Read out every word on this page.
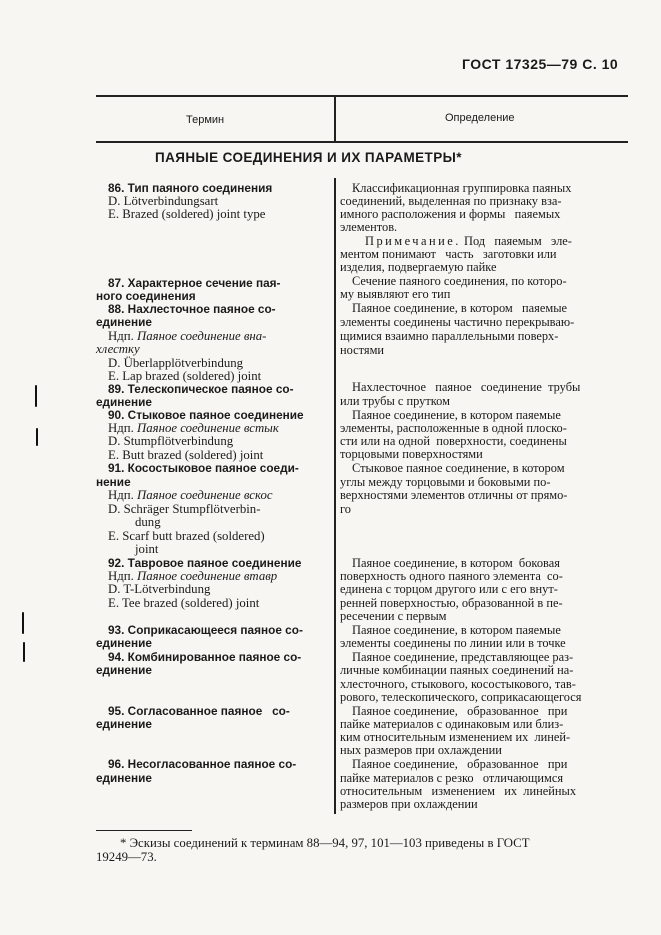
ГОСТ 17325—79 С. 10
Термин	Определение
ПАЯНЫЕ СОЕДИНЕНИЯ И ИХ ПАРАМЕТРЫ*
86. Тип паяного соединения
D. Lötverbindungsart
E. Brazed (soldered) joint type
87. Характерное сечение пая-
ного соединения
88. Нахлесточное паяное со-
единение
Ндп. Паяное соединение вна-
хлестку
D. Überlapplötverbindung
E. Lap brazed (soldered) joint
89. Телескопическое паяное со-
единение
90. Стыковое паяное соединение
Ндп. Паяное соединение встык
D. Stumpflötverbindung
E. Butt brazed (soldered) joint
91. Косостыковое паяное соеди-
нение
Ндп. Паяное соединение вскос
D. Schräger Stumpflötverbin-
dung
E. Scarf butt brazed (soldered)
joint
92. Тавровое паяное соединение
Ндп. Паяное соединение втавр
D. T-Lötverbindung
E. Tee brazed (soldered) joint
93. Соприкасающееся паяное со-
единение
94. Комбинированное паяное со-
единение
95. Согласованное паяное   со-
единение
96. Несогласованное паяное со-
единение
Классификационная группировка паяных
соединений, выделенная по признаку вза-
имного расположения и формы   паяемых
элементов.
Примечание. Под   паяемым   эле-
ментом понимают   часть   заготовки или
изделия, подвергаемую пайке
Сечение паяного соединения, по которо-
му выявляют его тип
Паяное соединение, в котором   паяемые
элементы соединены частично перекрываю-
щимися взаимно параллельными поверх-
ностями
Нахлесточное   паяное   соединение  трубы
или трубы с прутком
Паяное соединение, в котором паяемые
элементы, расположенные в одной плоско-
сти или на одной  поверхности, соединены
торцовыми поверхностями
Стыковое паяное соединение, в котором
углы между торцовыми и боковыми по-
верхностями элементов отличны от прямо-
го
Паяное соединение, в котором  боковая
поверхность одного паяного элемента  со-
единена с торцом другого или с его внут-
ренней поверхностью, образованной в пе-
ресечении с первым
Паяное соединение, в котором паяемые
элементы соединены по линии или в точке
Паяное соединение, представляющее раз-
личные комбинации паяных соединений на-
хлесточного, стыкового, косостыкового, тав-
рового, телескопического, соприкасающегося
Паяное соединение,   образованное   при
пайке материалов с одинаковым или близ-
ким относительным изменением их  линей-
ных размеров при охлаждении
Паяное соединение,   образованное   при
пайке материалов с резко   отличающимся
относительным   изменением   их  линейных
размеров при охлаждении
* Эскизы соединений к терминам 88—94, 97, 101—103 приведены в ГОСТ
19249—73.
